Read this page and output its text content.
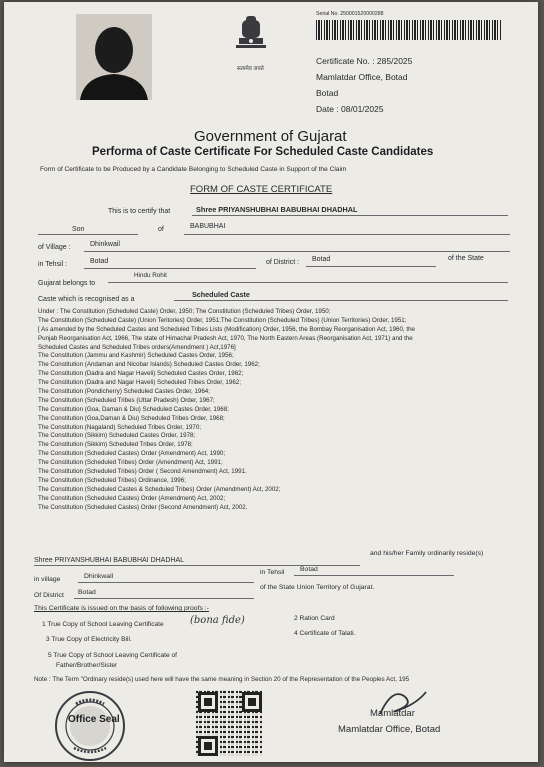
सत्यमेव जयते
Serial No. 250001520000288
Certificate No. : 285/2025
Mamlatdar Office, Botad
Botad
Date : 08/01/2025
Government of Gujarat
Performa of Caste Certificate For Scheduled Caste Candidates
Form of Certificate to be Produced by a Candidate Belonging to Scheduled Caste in Support of the Claim
FORM OF CASTE CERTIFICATE
This is to certify that	Shree PRIYANSHUBHAI BABUBHAI DHADHAL
Son	of	BABUBHAI
of Village :	Dhinkwail
in Tehsil :	Botad	of District : Botad	of the State
Gujarat belongs to
Hindu Rohit
Caste which is recognised as a
Scheduled Caste
Under : The Constitution (Scheduled Caste) Order, 1950; The Constitution (Scheduled Tribes) Order, 1950;
The Constitution (Scheduled Caste) (Union Teritories) Order, 1951;The Constitution (Scheduled Tribes) (Union Territories) Order, 1951;
[ As amended by the Scheduled Castes and Scheduled Tribes Lists (Modification) Order, 1956, the Bombay Reorganisation Act, 1960, the
Punjab Reorganisation Act, 1966, The state of Himachal Pradesh Act, 1970, The North Eastern Areas (Reorganisation Act, 1971) and the
Scheduled Castes and Scheduled Tribes orders(Amendment ) Act,1976]
The Constitution (Jammu and Kashmir) Scheduled Castes Order, 1956;
The Constitution (Andaman and Nicobar Islands) Scheduled Castes Order, 1962;
The Constitution (Dadra and Nagar Haveli) Scheduled Castes Order, 1962;
The Constitution (Dadra and Nagar Haveli) Scheduled Tribes Order, 1962;
The Constitution (Pondicherry) Scheduled Castes Order, 1964;
The Constitution (Scheduled Tribes (Uttar Pradesh) Order, 1967;
The Constitution (Goa, Daman & Diu) Scheduled Castes Order, 1968;
The Constitution (Goa,Daman & Diu) Scheduled Tribes Order, 1968;
The Constitution (Nagaland) Scheduled Tribes Order, 1970;
The Constitution (Sikkim) Scheduled Castes Order, 1978;
The Constitution (Sikkim) Scheduled Tribes Order, 1978;
The Constitution (Scheduled Castes) Order (Amendment) Act, 1990;
The Constitution (Scheduled Tribes) Order (Amendment) Act, 1991;
The Constitution (Scheduled Tribes) Order ( Second Amendment) Act, 1991.
The Constitution (Scheduled Tribes) Ordinance, 1996;
The Constitution (Scheduled Castes & Scheduled Tribes) Order (Amendment) Act, 2002;
The Constitution (Scheduled Castes) Order (Amendment) Act, 2002;
The Constitution (Scheduled Castes) Order (Second Amendment) Act, 2002.
Shree PRIYANSHUBHAI BABUBHAI DHADHAL
and his/her Family ordinarily reside(s)
in village	Dhinkwall
in Tehsil Botad
Of District Botad
of the State Union Territory of Gujarat.
This Certificate is issued on the basis of following proofs :-
1 True Copy of School Leaving Certificate	(bona fide)	2 Ration Card
3 True Copy of Electricity Bill.
4 Certificate of Talati.
5 True Copy of School Leaving Certificate of
Father/Brother/Sister
Note : The Term "Ordinary reside(s) used here will have the same meaning in Section 20 of the Representation of the Peoples Act, 195
Office Seal
Mamlatdar
Mamlatdar Office, Botad
